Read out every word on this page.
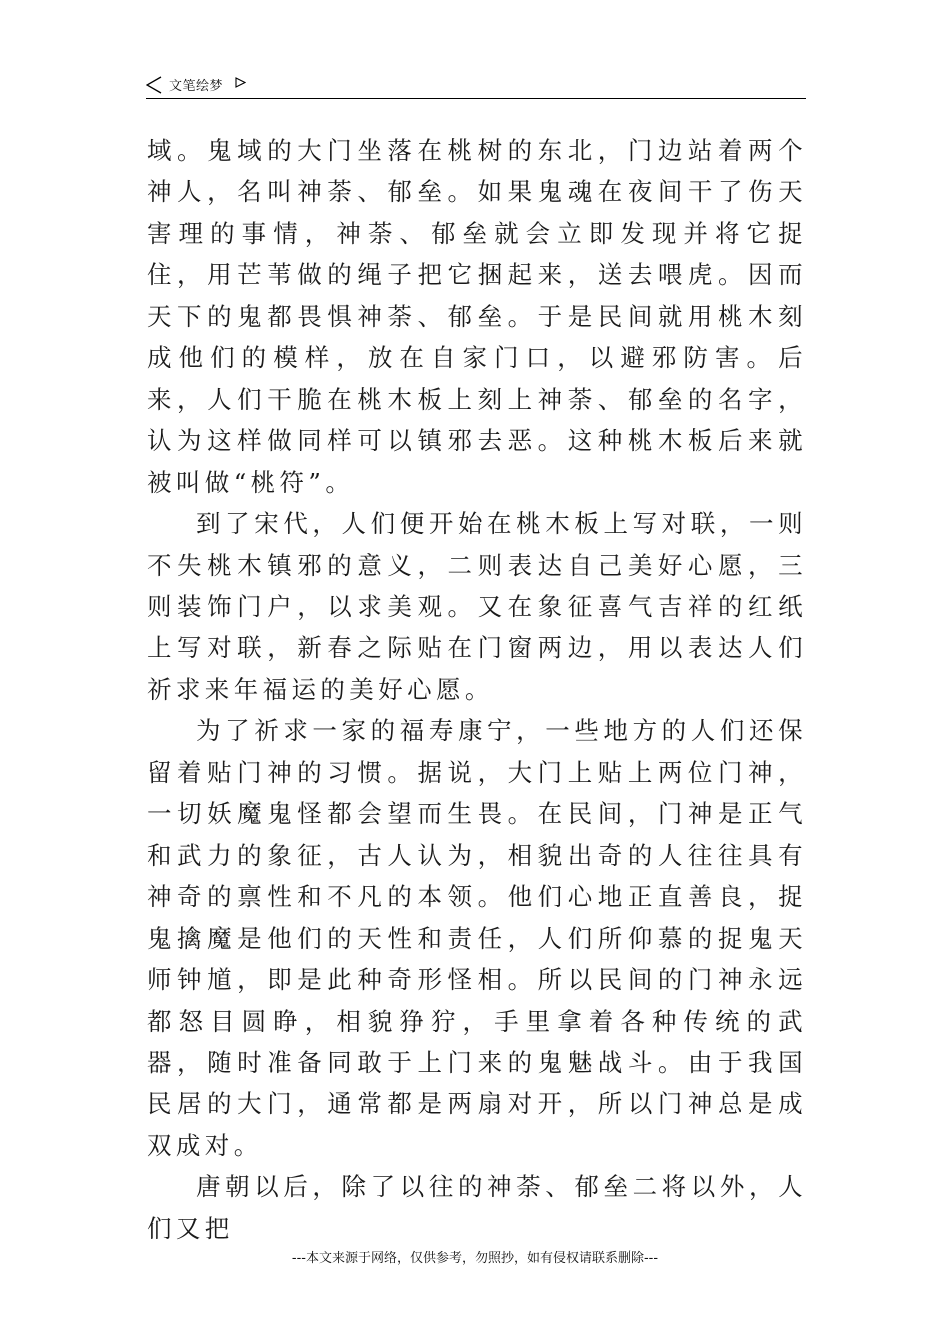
文笔绘梦

域。鬼域的大门坐落在桃树的东北，门边站着两个神人，名叫神荼、郁垒。如果鬼魂在夜间干了伤天害理的事情，神荼、郁垒就会立即发现并将它捉住，用芒苇做的绳子把它捆起来，送去喂虎。因而天下的鬼都畏惧神荼、郁垒。于是民间就用桃木刻成他们的模样，放在自家门口，以避邪防害。后来，人们干脆在桃木板上刻上神荼、郁垒的名字，认为这样做同样可以镇邪去恶。这种桃木板后来就被叫做“桃符”。

到了宋代，人们便开始在桃木板上写对联，一则不失桃木镇邪的意义，二则表达自己美好心愿，三则装饰门户，以求美观。又在象征喜气吉祥的红纸上写对联，新春之际贴在门窗两边，用以表达人们祈求来年福运的美好心愿。

为了祈求一家的福寿康宁，一些地方的人们还保留着贴门神的习惯。据说，大门上贴上两位门神，一切妖魔鬼怪都会望而生畏。在民间，门神是正气和武力的象征，古人认为，相貌出奇的人往往具有神奇的禀性和不凡的本领。他们心地正直善良，捉鬼擒魔是他们的天性和责任，人们所仰慕的捉鬼天师钟馗，即是此种奇形怪相。所以民间的门神永远都怒目圆睁，相貌狰狞，手里拿着各种传统的武器，随时准备同敢于上门来的鬼魅战斗。由于我国民居的大门，通常都是两扇对开，所以门神总是成双成对。

唐朝以后，除了以往的神荼、郁垒二将以外，人们又把

---本文来源于网络，仅供参考，勿照抄，如有侵权请联系删除---
